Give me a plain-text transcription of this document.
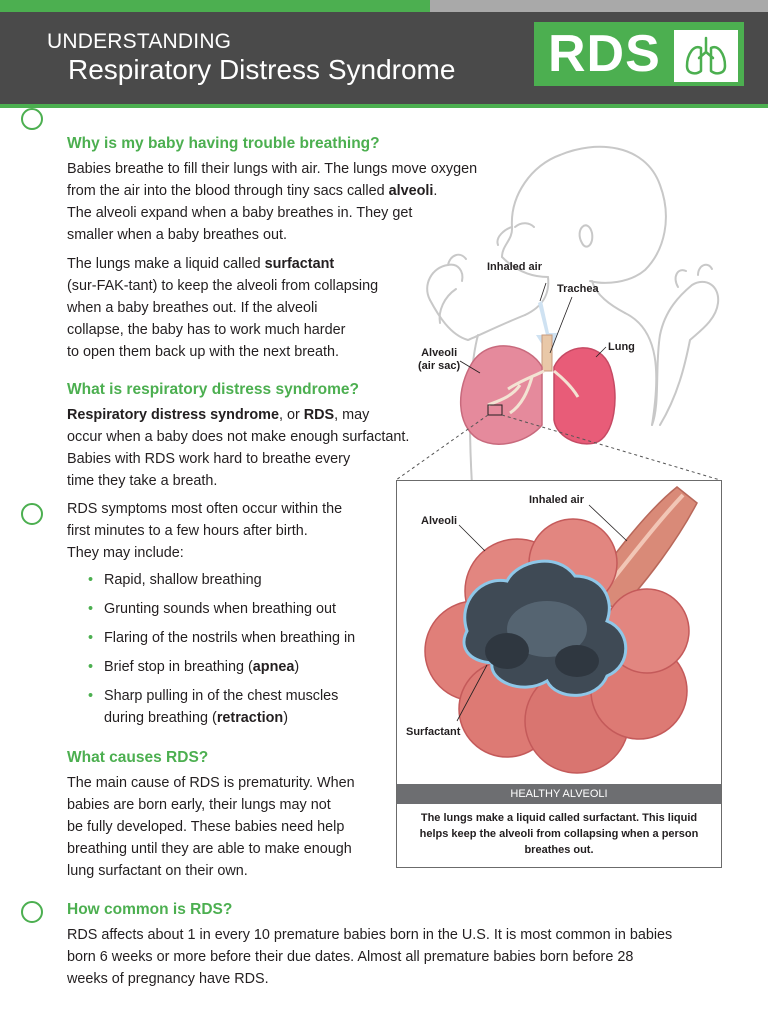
UNDERSTANDING
Respiratory Distress Syndrome RDS
Why is my baby having trouble breathing?
Babies breathe to fill their lungs with air. The lungs move oxygen
from the air into the blood through tiny sacs called alveoli.
The alveoli expand when a baby breathes in. They get
smaller when a baby breathes out.
The lungs make a liquid called surfactant
(sur-FAK-tant) to keep the alveoli from collapsing
when a baby breathes out. If the alveoli
collapse, the baby has to work much harder
to open them back up with the next breath.
What is respiratory distress syndrome?
Respiratory distress syndrome, or RDS, may
occur when a baby does not make enough surfactant.
Babies with RDS work hard to breathe every
time they take a breath.
RDS symptoms most often occur within the
first minutes to a few hours after birth.
They may include:
• Rapid, shallow breathing
• Grunting sounds when breathing out
• Flaring of the nostrils when breathing in
• Brief stop in breathing (apnea)
• Sharp pulling in of the chest muscles
during breathing (retraction)
What causes RDS?
The main cause of RDS is prematurity. When
babies are born early, their lungs may not
be fully developed. These babies need help
breathing until they are able to make enough
lung surfactant on their own.
How common is RDS?
RDS affects about 1 in every 10 premature babies born in the U.S. It is most common in babies
born 6 weeks or more before their due dates. Almost all premature babies born before 28
weeks of pregnancy have RDS.
Inhaled air
Trachea
Lung
Alveoli
(air sac)
Inhaled air
Alveoli
Surfactant
HEALTHY ALVEOLI
The lungs make a liquid called surfactant. This liquid helps keep the alveoli from collapsing when a person breathes out.
